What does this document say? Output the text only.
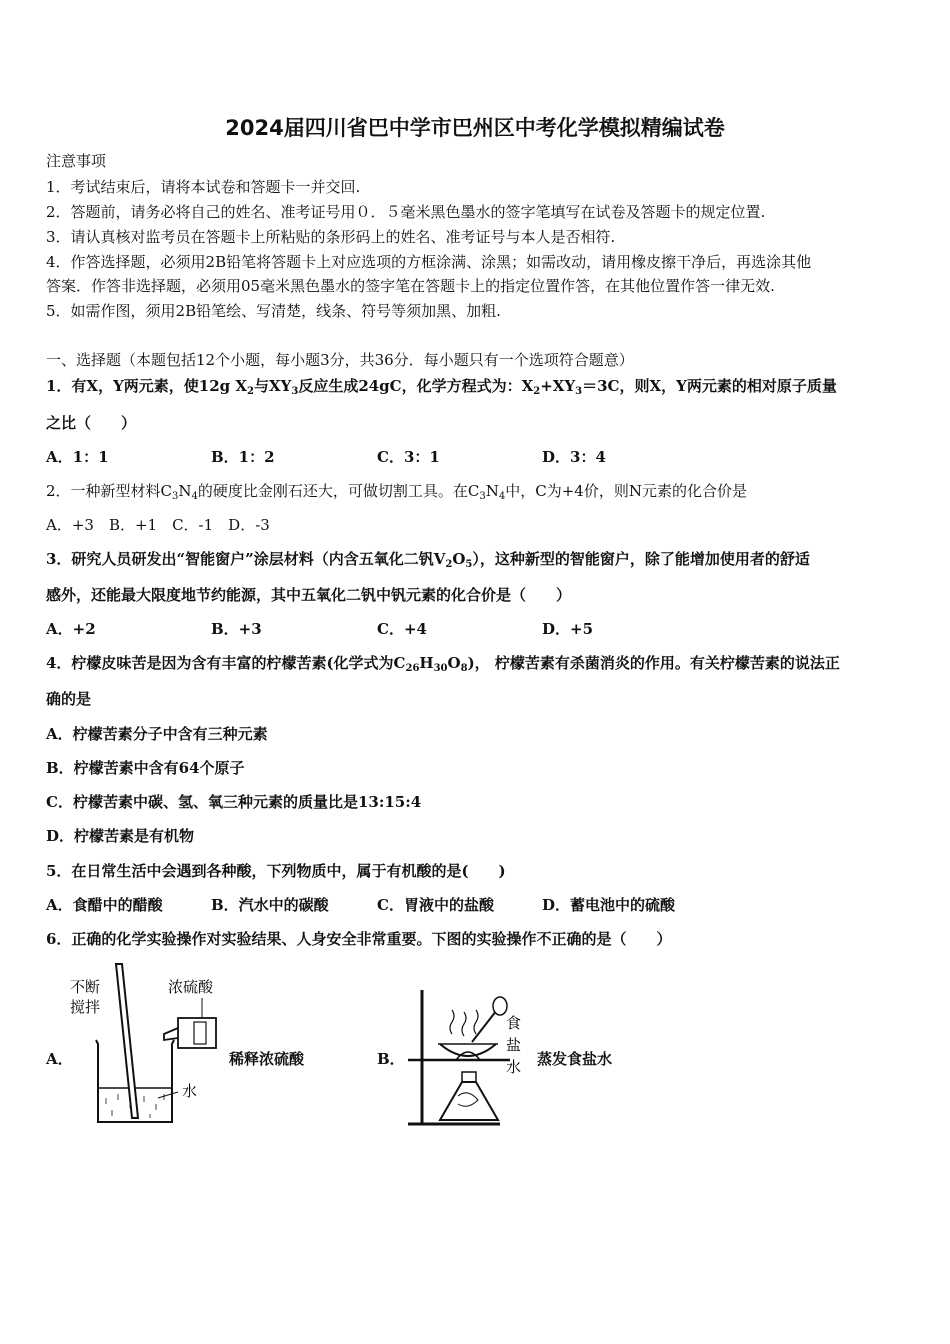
2024届四川省巴中学市巴州区中考化学模拟精编试卷
注意事项
1．考试结束后，请将本试卷和答题卡一并交回.
2．答题前，请务必将自己的姓名、准考证号用０．５毫米黑色墨水的签字笔填写在试卷及答题卡的规定位置.
3．请认真核对监考员在答题卡上所粘贴的条形码上的姓名、准考证号与本人是否相符.
4．作答选择题，必须用2B铅笔将答题卡上对应选项的方框涂满、涂黑；如需改动，请用橡皮擦干净后，再选涂其他
答案．作答非选择题，必须用05毫米黑色墨水的签字笔在答题卡上的指定位置作答，在其他位置作答一律无效.
5．如需作图，须用2B铅笔绘、写清楚，线条、符号等须加黑、加粗.
一、选择题（本题包括12个小题，每小题3分，共36分．每小题只有一个选项符合题意）
1．有X，Y两元素，使12g $X_2$与$XY_3$反应生成24gC，化学方程式为：$X_2+XY_3=3C$，则X，Y两元素的相对原子质量
之比（　　）
A．1：1	B．1：2	C．3：1	D．3：4
2．一种新型材料$C_3N_4$的硬度比金刚石还大，可做切割工具。在$C_3N_4$中，C为+4价，则N元素的化合价是
A．+3　B．+1　C．-1　D．-3
3．研究人员研发出“智能窗户”涂层材料（内含五氧化二钒$V_2O_5$），这种新型的智能窗户，除了能增加使用者的舒适
感外，还能最大限度地节约能源，其中五氧化二钒中钒元素的化合价是（　　）
A．+2	B．+3	C．+4	D．+5
4．柠檬皮味苦是因为含有丰富的柠檬苦素(化学式为$C_{26}H_{30}O_8$)， 柠檬苦素有杀菌消炎的作用。有关柠檬苦素的说法正
确的是
A．柠檬苦素分子中含有三种元素
B．柠檬苦素中含有64个原子
C．柠檬苦素中碳、氢、氧三种元素的质量比是13:15:4
D．柠檬苦素是有机物
5．在日常生活中会遇到各种酸，下列物质中，属于有机酸的是(　　)
A．食醋中的醋酸	B．汽水中的碳酸	C．胃液中的盐酸	D．蓄电池中的硫酸
6．正确的化学实验操作对实验结果、人身安全非常重要。下图的实验操作不正确的是（　　）
A．
不断
搅拌
浓硫酸
水
稀释浓硫酸	B．
食
盐
水 蒸发食盐水
